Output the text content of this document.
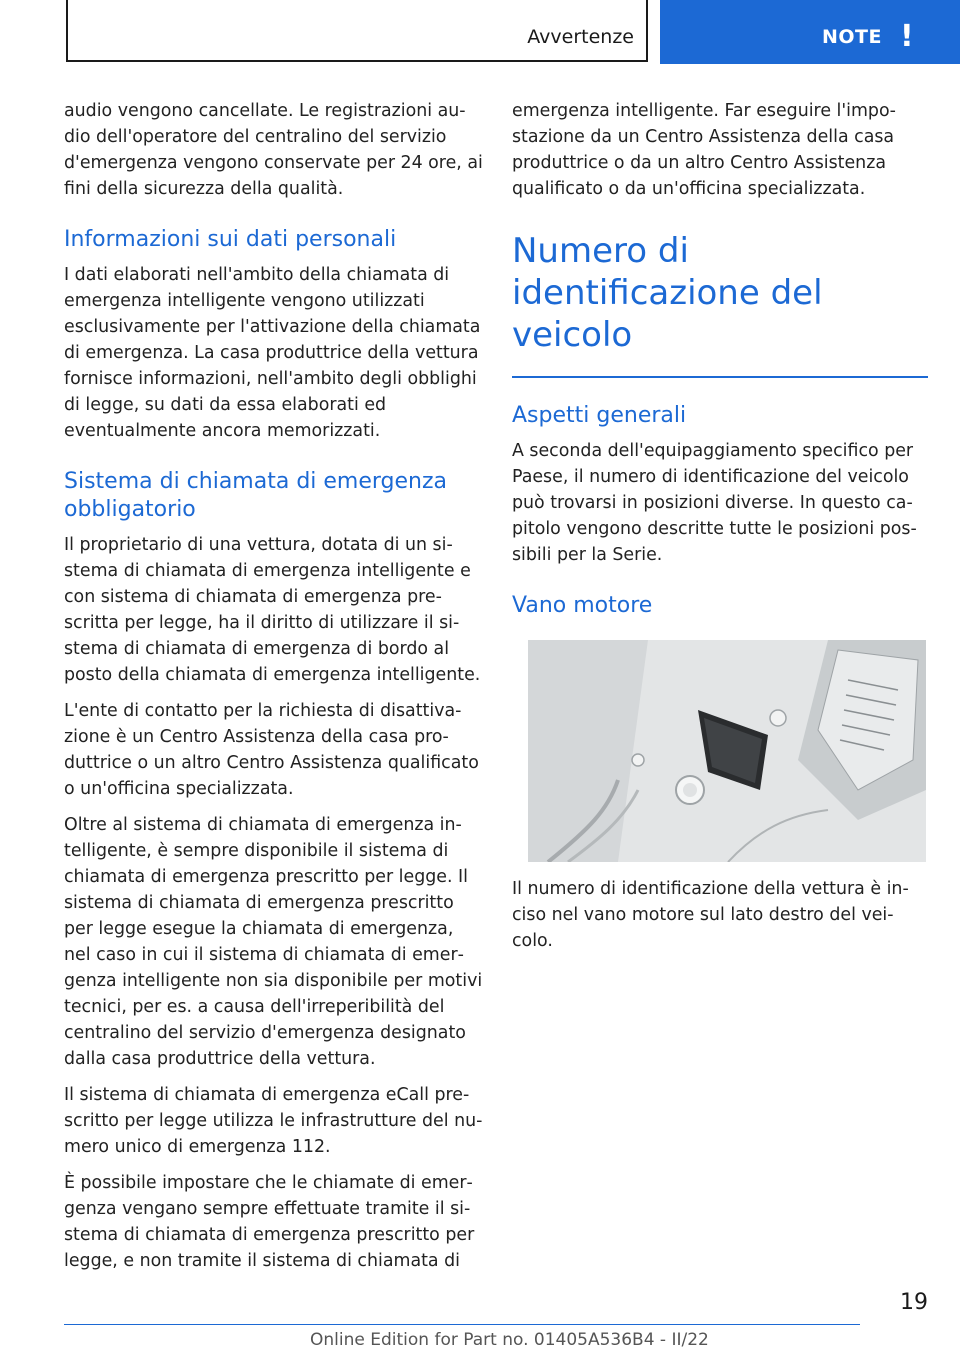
Avvertenze	NOTE !

audio vengono cancellate. Le registrazioni audio dell'operatore del centralino del servizio d'emergenza vengono conservate per 24 ore, ai fini della sicurezza della qualità.

Informazioni sui dati personali

I dati elaborati nell'ambito della chiamata di emergenza intelligente vengono utilizzati esclusivamente per l'attivazione della chiamata di emergenza. La casa produttrice della vettura fornisce informazioni, nell'ambito degli obblighi di legge, su dati da essa elaborati ed eventualmente ancora memorizzati.

Sistema di chiamata di emergenza obbligatorio

Il proprietario di una vettura, dotata di un sistema di chiamata di emergenza intelligente e con sistema di chiamata di emergenza prescritta per legge, ha il diritto di utilizzare il sistema di chiamata di emergenza di bordo al posto della chiamata di emergenza intelligente.

L'ente di contatto per la richiesta di disattivazione è un Centro Assistenza della casa produttrice o un altro Centro Assistenza qualificato o un'officina specializzata.

Oltre al sistema di chiamata di emergenza intelligente, è sempre disponibile il sistema di chiamata di emergenza prescritto per legge. Il sistema di chiamata di emergenza prescritto per legge esegue la chiamata di emergenza, nel caso in cui il sistema di chiamata di emergenza intelligente non sia disponibile per motivi tecnici, per es. a causa dell'irreperibilità del centralino del servizio d'emergenza designato dalla casa produttrice della vettura.

Il sistema di chiamata di emergenza eCall prescritto per legge utilizza le infrastrutture del numero unico di emergenza 112.

È possibile impostare che le chiamate di emergenza vengano sempre effettuate tramite il sistema di chiamata di emergenza prescritto per legge, e non tramite il sistema di chiamata di

emergenza intelligente. Far eseguire l'impostazione da un Centro Assistenza della casa produttrice o da un altro Centro Assistenza qualificato o da un'officina specializzata.

Numero di identificazione del veicolo
Aspetti generali

A seconda dell'equipaggiamento specifico per Paese, il numero di identificazione del veicolo può trovarsi in posizioni diverse. In questo capitolo vengono descritte tutte le posizioni possibili per la Serie.

Vano motore

Il numero di identificazione della vettura è inciso nel vano motore sul lato destro del veicolo.

19
Online Edition for Part no. 01405A536B4 - II/22
